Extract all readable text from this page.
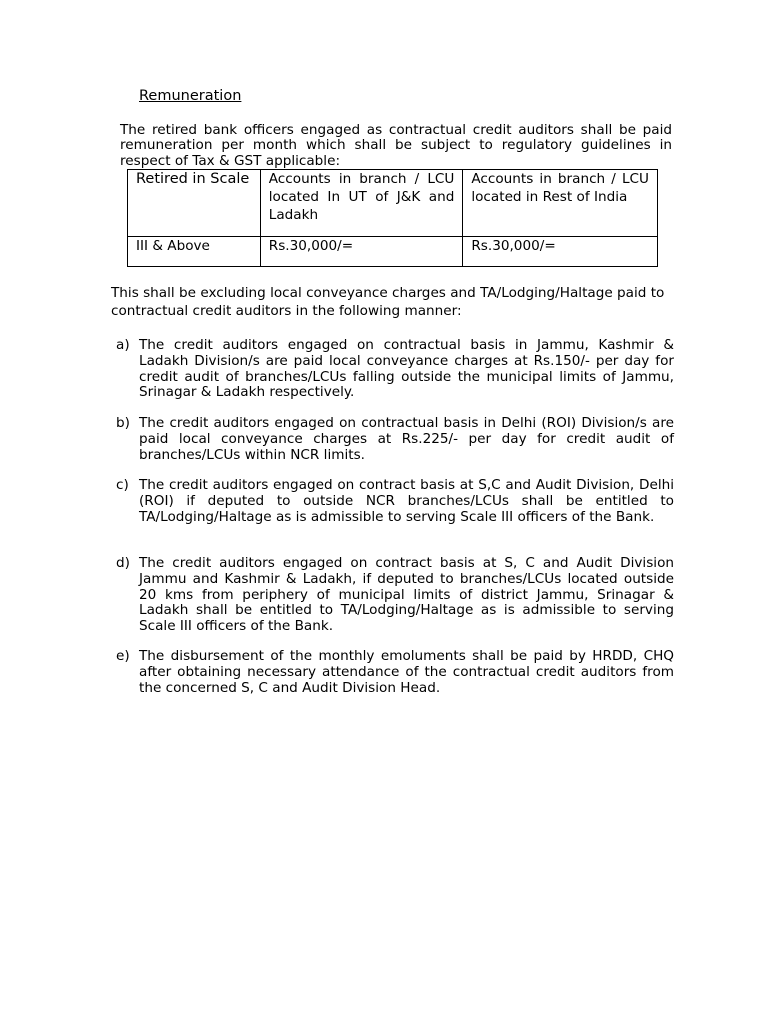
Remuneration

The retired bank officers engaged as contractual credit auditors shall be paid remuneration per month which shall be subject to regulatory guidelines in respect of Tax & GST applicable:

Retired in Scale	Accounts in branch / LCU located In UT of J&K and Ladakh	Accounts in branch / LCU located in Rest of India
III & Above	Rs.30,000/=	Rs.30,000/=

This shall be excluding local conveyance charges and TA/Lodging/Haltage paid to contractual credit auditors in the following manner:

a) The credit auditors engaged on contractual basis in Jammu, Kashmir & Ladakh Division/s are paid local conveyance charges at Rs.150/- per day for credit audit of branches/LCUs falling outside the municipal limits of Jammu, Srinagar & Ladakh respectively.
b) The credit auditors engaged on contractual basis in Delhi (ROI) Division/s are paid local conveyance charges at Rs.225/- per day for credit audit of branches/LCUs within NCR limits.
c) The credit auditors engaged on contract basis at S,C and Audit Division, Delhi (ROI) if deputed to outside NCR branches/LCUs shall be entitled to TA/Lodging/Haltage as is admissible to serving Scale III officers of the Bank.
d) The credit auditors engaged on contract basis at S, C and Audit Division Jammu and Kashmir & Ladakh, if deputed to branches/LCUs located outside 20 kms from periphery of municipal limits of district Jammu, Srinagar & Ladakh shall be entitled to TA/Lodging/Haltage as is admissible to serving Scale III officers of the Bank.
e) The disbursement of the monthly emoluments shall be paid by HRDD, CHQ after obtaining necessary attendance of the contractual credit auditors from the concerned S, C and Audit Division Head.
